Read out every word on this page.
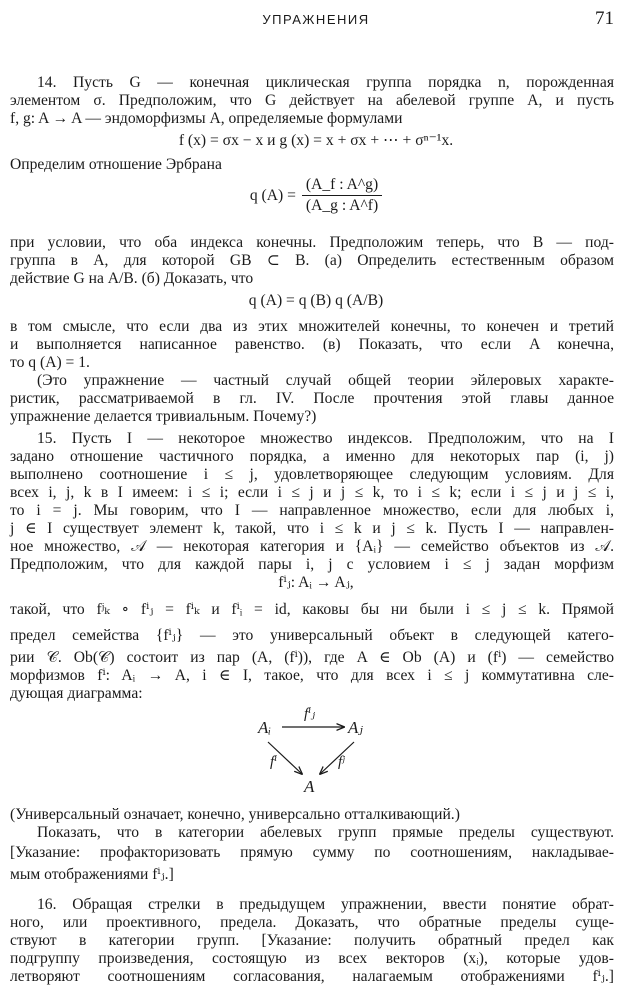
УПРАЖНЕНИЯ	71
14. Пусть G — конечная циклическая группа порядка n, порожденная
элементом σ. Предположим, что G действует на абелевой группе A, и пусть
f, g: A → A — эндоморфизмы A, определяемые формулами
f (x) = σx − x и g (x) = x + σx + ⋯ + σⁿ⁻¹x.
Определим отношение Эрбрана
q (A) =
(A_f : A^g)
(A_g : A^f)
при условии, что оба индекса конечны. Предположим теперь, что B — под-
группа в A, для которой GB ⊂ B. (а) Определить естественным образом
действие G на A/B. (б) Доказать, что
q (A) = q (B) q (A/B)
в том смысле, что если два из этих множителей конечны, то конечен и третий
и выполняется написанное равенство. (в) Показать, что если A конечна,
то q (A) = 1.
(Это упражнение — частный случай общей теории эйлеровых характе-
ристик, рассматриваемой в гл. IV. После прочтения этой главы данное
упражнение делается тривиальным. Почему?)
15. Пусть I — некоторое множество индексов. Предположим, что на I
задано отношение частичного порядка, а именно для некоторых пар (i, j)
выполнено соотношение i ≤ j, удовлетворяющее следующим условиям. Для
всех i, j, k в I имеем: i ≤ i; если i ≤ j и j ≤ k, то i ≤ k; если i ≤ j и j ≤ i,
то i = j. Мы говорим, что I — направленное множество, если для любых i,
j ∈ I существует элемент k, такой, что i ≤ k и j ≤ k. Пусть I — направлен-
ное множество, 𝒜 — некоторая категория и {Aᵢ} — семейство объектов из 𝒜.
Предположим, что для каждой пары i, j с условием i ≤ j задан морфизм
fⁱⱼ: Aᵢ → Aⱼ,
такой, что fʲₖ ∘ fⁱⱼ = fⁱₖ и fⁱᵢ = id, каковы бы ни были i ≤ j ≤ k. Прямой
предел семейства {fⁱⱼ} — это универсальный объект в следующей катего-
рии 𝒞. Ob(𝒞) состоит из пар (A, (fⁱ)), где A ∈ Ob (A) и (fⁱ) — семейство
морфизмов fⁱ: Aᵢ → A, i ∈ I, такое, что для всех i ≤ j коммутативна сле-
дующая диаграмма:
Aᵢ	Aⱼ
A
fⁱⱼ
fⁱ	fʲ
(Универсальный означает, конечно, универсально отталкивающий.)
Показать, что в категории абелевых групп прямые пределы существуют.
[Указание: профакторизовать прямую сумму по соотношениям, накладывае-
мым отображениями fⁱⱼ.]
16. Обращая стрелки в предыдущем упражнении, ввести понятие обрат-
ного, или проективного, предела. Доказать, что обратные пределы суще-
ствуют в категории групп. [Указание: получить обратный предел как
подгруппу произведения, состоящую из всех векторов (xᵢ), которые удов-
летворяют соотношениям согласования, налагаемым отображениями fⁱⱼ.]
